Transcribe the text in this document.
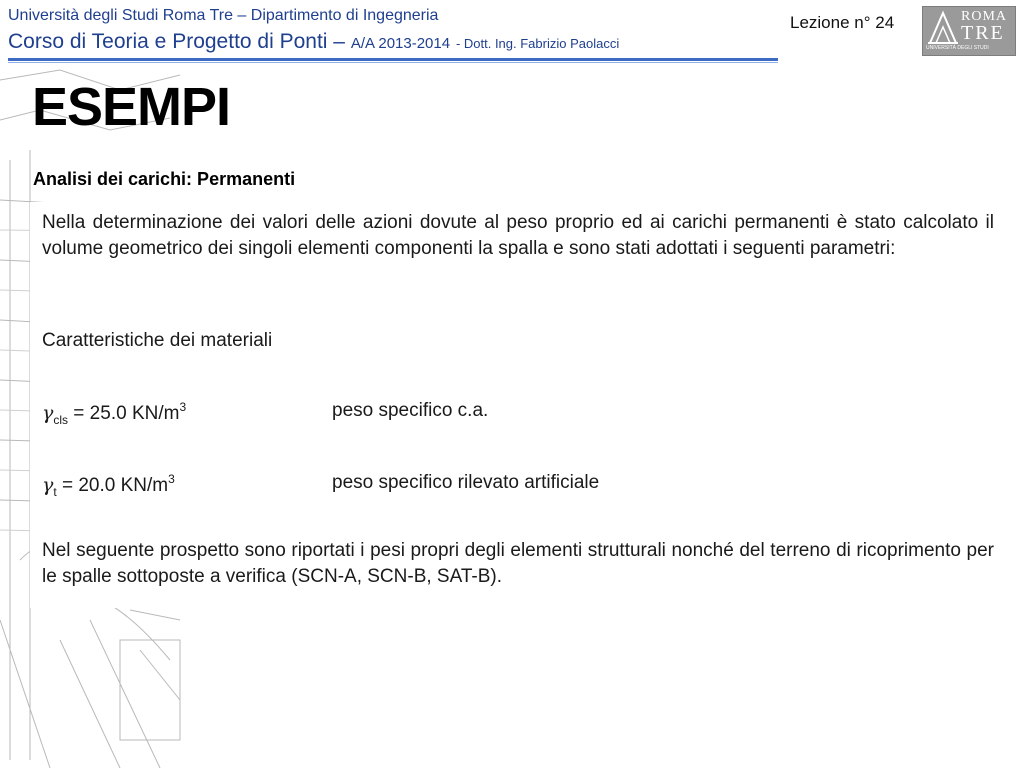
Università degli Studi Roma Tre – Dipartimento di Ingegneria
Corso di Teoria e Progetto di Ponti – A/A 2013-2014 - Dott. Ing. Fabrizio Paolacci
Lezione n° 24	ROMA
TRE
UNIVERSITÀ DEGLI STUDI
ESEMPI
Analisi dei carichi: Permanenti
Nella determinazione dei valori delle azioni dovute al peso proprio ed ai carichi permanenti è stato calcolato il volume geometrico dei singoli elementi componenti la spalla e sono stati adottati i seguenti parametri:
Caratteristiche dei materiali
$\gamma_{cls} = 25.0$ $KN/m^3$	peso specifico c.a.
$\gamma_t = 20.0$ $KN/m^3$	peso specifico rilevato artificiale
Nel seguente prospetto sono riportati i pesi propri degli elementi strutturali nonché del terreno di ricoprimento per le spalle sottoposte a verifica (SCN-A, SCN-B, SAT-B).
